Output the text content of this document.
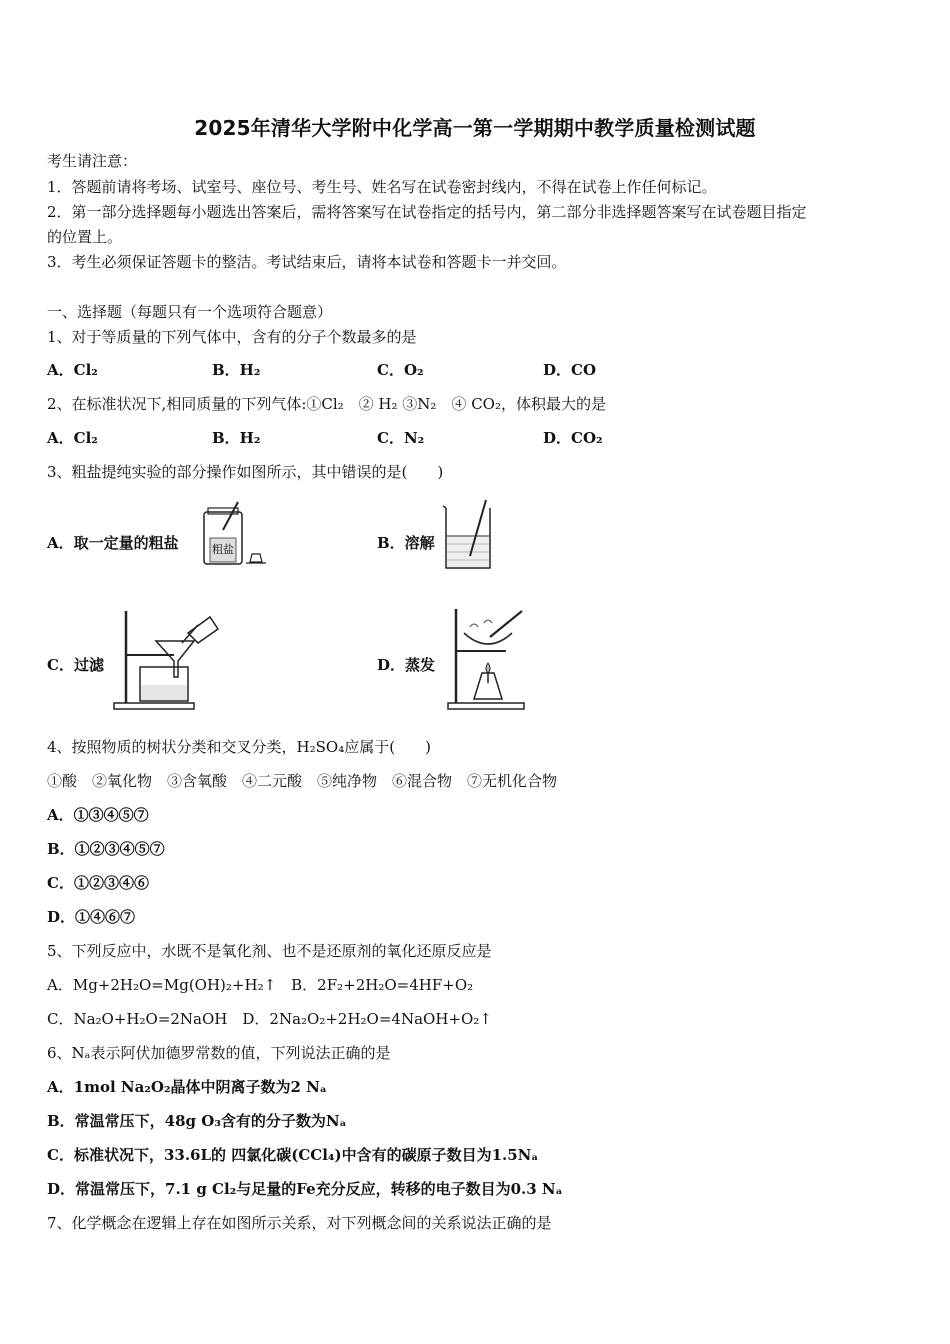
2025年清华大学附中化学高一第一学期期中教学质量检测试题
考生请注意：
1．答题前请将考场、试室号、座位号、考生号、姓名写在试卷密封线内，不得在试卷上作任何标记。
2．第一部分选择题每小题选出答案后，需将答案写在试卷指定的括号内，第二部分非选择题答案写在试卷题目指定
的位置上。
3．考生必须保证答题卡的整洁。考试结束后，请将本试卷和答题卡一并交回。
一、选择题（每题只有一个选项符合题意）
1、对于等质量的下列气体中，含有的分子个数最多的是
A．Cl₂	B．H₂	C．O₂	D．CO
2、在标准状况下,相同质量的下列气体:①Cl₂　② H₂ ③N₂　④ CO₂，体积最大的是
A．Cl₂	B．H₂	C．N₂	D．CO₂
3、粗盐提纯实验的部分操作如图所示，其中错误的是(　　)
A．取一定量的粗盐	粗盐	B．溶解
C．过滤	D．蒸发
4、按照物质的树状分类和交叉分类，H₂SO₄应属于(　　)
①酸　②氧化物　③含氧酸　④二元酸　⑤纯净物　⑥混合物　⑦无机化合物
A．①③④⑤⑦
B．①②③④⑤⑦
C．①②③④⑥
D．①④⑥⑦
5、下列反应中，水既不是氧化剂、也不是还原剂的氧化还原反应是
A．Mg+2H₂O=Mg(OH)₂+H₂↑　B．2F₂+2H₂O=4HF+O₂
C．Na₂O+H₂O=2NaOH　D．2Na₂O₂+2H₂O=4NaOH+O₂↑
6、Nₐ表示阿伏加德罗常数的值，下列说法正确的是
A．1mol Na₂O₂晶体中阴离子数为2 Nₐ
B．常温常压下，48g O₃含有的分子数为Nₐ
C．标准状况下，33.6L的 四氯化碳(CCl₄)中含有的碳原子数目为1.5Nₐ
D．常温常压下，7.1 g Cl₂与足量的Fe充分反应，转移的电子数目为0.3 Nₐ
7、化学概念在逻辑上存在如图所示关系，对下列概念间的关系说法正确的是
